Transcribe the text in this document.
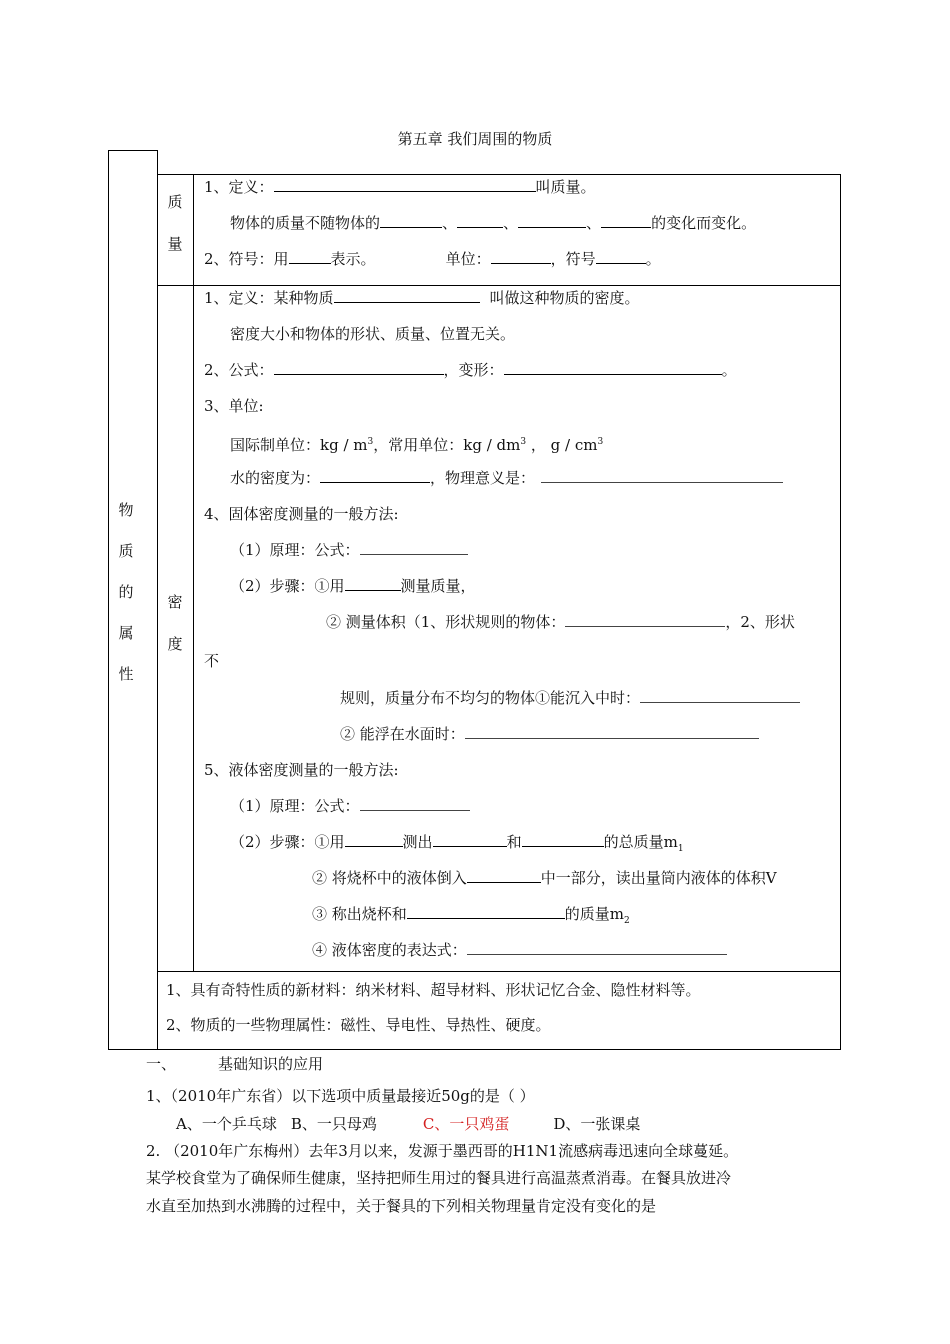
第五章 我们周围的物质
物
质
的
属
性
质
量
1、定义：	叫质量。
物体的质量不随物体的	、	、	、	的变化而变化。
2、符号：用	表示。	单位：	，符号	。
密
度
1、定义：某种物质	叫做这种物质的密度。
密度大小和物体的形状、质量、位置无关。
2、公式：	，变形：	。
3、单位:
国际制单位：kg / $m^3$，常用单位：kg / $dm^3$ ， g / $cm^3$
水的密度为：	，物理意义是：
4、固体密度测量的一般方法:
（1）原理：公式：
（2）步骤：①用	测量质量，
② 测量体积（1、形状规则的物体：	，2、形状
不
规则，质量分布不均匀的物体①能沉入中时：
② 能浮在水面时：
5、液体密度测量的一般方法:
（1）原理：公式：
（2）步骤：①用	测出	和	的总质量$m_1$
② 将烧杯中的液体倒入	中一部分，读出量筒内液体的体积V
③ 称出烧杯和	的质量$m_2$
④ 液体密度的表达式：
1、具有奇特性质的新材料：纳米材料、超导材料、形状记忆合金、隐性材料等。
2、物质的一些物理属性：磁性、导电性、导热性、硬度。
一、	基础知识的应用
1、（2010年广东省）以下选项中质量最接近50g的是（ ）
A、一个乒乓球 B、一只母鸡	C、一只鸡蛋	D、一张课桌
2. （2010年广东梅州）去年3月以来，发源于墨西哥的H1N1流感病毒迅速向全球蔓延。
某学校食堂为了确保师生健康，坚持把师生用过的餐具进行高温蒸煮消毒。在餐具放进冷
水直至加热到水沸腾的过程中，关于餐具的下列相关物理量肯定没有变化的是
